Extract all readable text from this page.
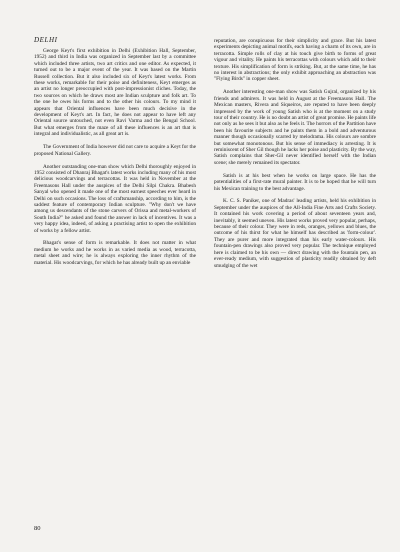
DELHI

George Keyt's first exhibition in Delhi (Exhibition Hall, September, 1952) and third in India was organized in September last by a committee which included three artists, two art critics and one editor. As expected, it turned out to be a major event of the year. It was based on the Martin Russell collection. But it also included six of Keyt's latest works. From these works, remarkable for their poise and definiteness, Keyt emerges as an artist no longer preoccupied with post-impressionist cliches. Today, the two sources on which he draws most are Indian sculpture and folk art. To the one he owes his forms and to the other his colours. To my mind it appears that Oriental influences have been much decisive in the development of Keyt's art. In fact, he does not appear to have left any Oriental source untouched, not even Ravi Varma and the Bengal School. But what emerges from the maze of all these influences is an art that is integral and individualistic, as all great art is.

The Government of India however did not care to acquire a Keyt for the proposed National Gallery.

Another outstanding one-man show which Delhi thoroughly enjoyed in 1952 consisted of Dhanraj Bhagat's latest works including many of his most delicious woodcarvings and terracottas. It was held in November at the Freemasons Hall under the auspices of the Delhi Silpi Chakra. Bhabesh Sanyal who opened it made one of the most earnest speeches ever heard in Delhi on such occasions. The loss of craftsmanship, according to him, is the saddest feature of contemporary Indian sculpture. "Why don't we have among us descendants of the stone carvers of Orissa and metal-workers of South India?" he asked and found the answer in lack of incentives. It was a very happy idea, indeed, of asking a practising artist to open the exhibition of works by a fellow artist.

Bhagat's sense of form is remarkable. It does not matter in what medium he works and he works in as varied media as wood, terracotta, metal sheet and wire; he is always exploring the inner rhythm of the material. His woodcarvings, for which he has already built up an enviable

reputation, are conspicuous for their simplicity and grace. But his latest experiments depicting animal motifs, each having a charm of its own, are in terracotta. Simple rolls of clay at his touch give birth to forms of great vigour and vitality. He paints his terracottas with colours which add to their texture. His simplification of form is striking. But, at the same time, he has no interest in abstractions; the only exhibit approaching an abstraction was "Flying Birds" in copper sheet.

Another interesting one-man show was Satish Gujral, organized by his friends and admirers. It was held in August at the Freemasons Hall. The Mexican masters, Rivera and Siqueiros, are reputed to have been deeply impressed by the work of young Satish who is at the moment on a study tour of their country. He is no doubt an artist of great promise. He paints life not only as he sees it but also as he feels it. The horrors of the Partition have been his favourite subjects and he paints them in a bold and adventurous manner though occasionally scarred by melodrama. His colours are sombre but somewhat monotonous. But his sense of immediacy is arresting. It is reminiscent of Sher Gil though he lacks her poise and plasticity. By the way, Satish complains that Sher-Gil never identified herself with the Indian scene; she merely remained its spectator.

Satish is at his best when he works on large space. He has the potentialities of a first-rate mural painter. It is to be hoped that he will turn his Mexican training to the best advantage.

K. C. S. Paniker, one of Madras' leading artists, held his exhibition in September under the auspices of the All-India Fine Arts and Crafts Society. It contained his work covering a period of about seventeen years and, inevitably, it seemed uneven. His latest works proved very popular, perhaps, because of their colour. They were in reds, oranges, yellows and blues, the outcome of his thirst for what he himself has described as 'form-colour'. They are purer and more integrated than his early water-colours. His fountain-pen drawings also proved very popular. The technique employed here is claimed to be his own — direct drawing with the fountain pen, an ever-ready medium, with suggestion of plasticity readily obtained by deft smudging of the wet

80
